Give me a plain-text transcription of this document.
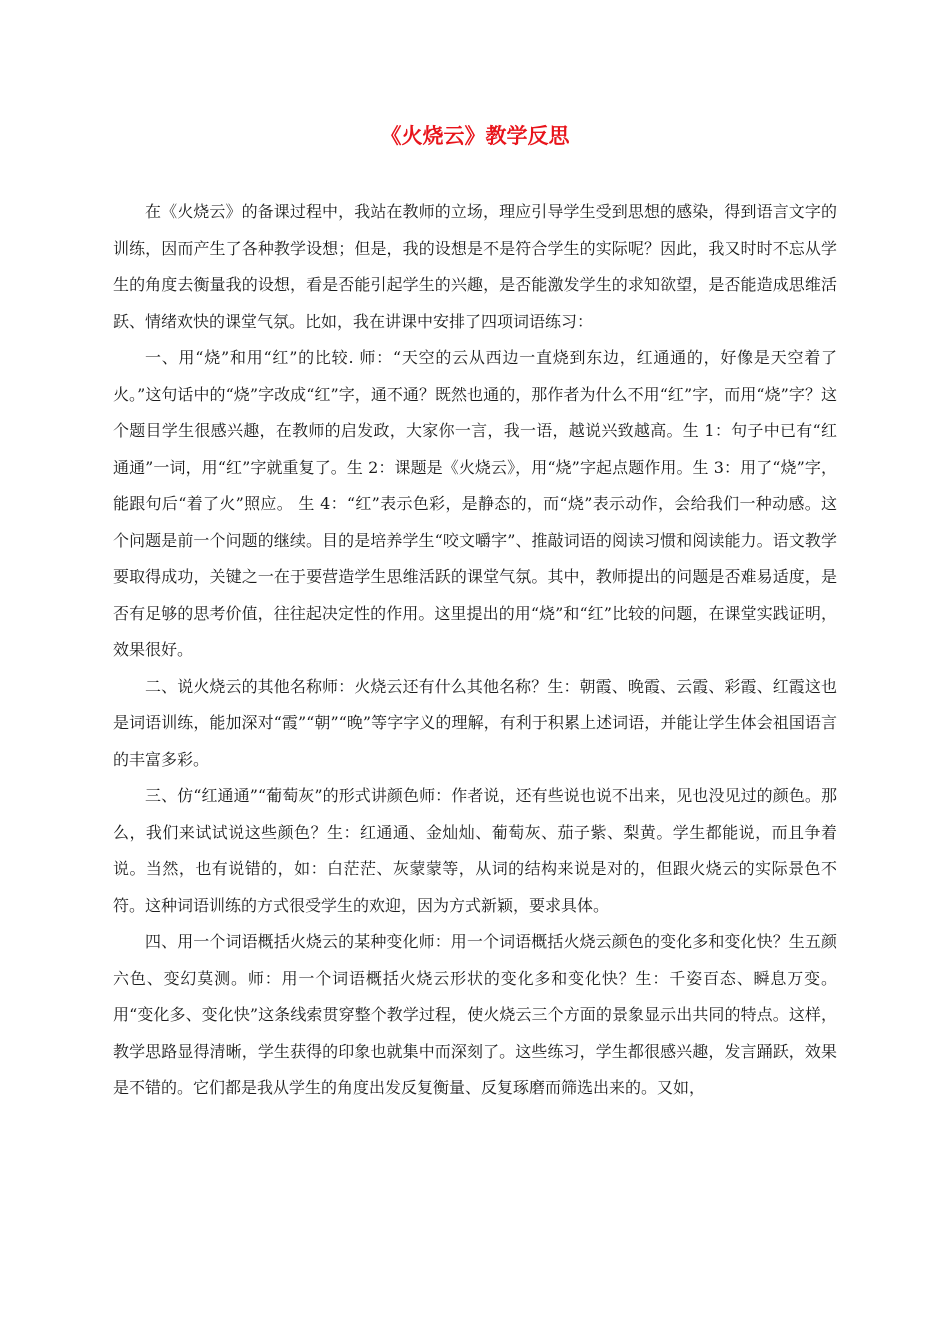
《火烧云》教学反思

在《火烧云》的备课过程中，我站在教师的立场，理应引导学生受到思想的感染，得到语言文字的训练，因而产生了各种教学设想；但是，我的设想是不是符合学生的实际呢？因此，我又时时不忘从学生的角度去衡量我的设想，看是否能引起学生的兴趣，是否能激发学生的求知欲望，是否能造成思维活跃、情绪欢快的课堂气氛。比如，我在讲课中安排了四项词语练习：

一、用“烧”和用“红”的比较. 师：“天空的云从西边一直烧到东边，红通通的，好像是天空着了火。”这句话中的“烧”字改成“红”字，通不通？既然也通的，那作者为什么不用“红”字，而用“烧”字？这个题目学生很感兴趣，在教师的启发政，大家你一言，我一语，越说兴致越高。生 1：句子中已有“红通通”一词，用“红”字就重复了。生 2：课题是《火烧云》，用“烧”字起点题作用。生 3：用了“烧”字，能跟句后“着了火”照应。 生 4：“红”表示色彩，是静态的，而“烧”表示动作，会给我们一种动感。这个问题是前一个问题的继续。目的是培养学生“咬文嚼字”、推敲词语的阅读习惯和阅读能力。语文教学要取得成功，关键之一在于要营造学生思维活跃的课堂气氛。其中，教师提出的问题是否难易适度，是否有足够的思考价值，往往起决定性的作用。这里提出的用“烧”和“红”比较的问题，在课堂实践证明，效果很好。

二、说火烧云的其他名称师：火烧云还有什么其他名称？生：朝霞、晚霞、云霞、彩霞、红霞这也是词语训练，能加深对“霞”“朝”“晚”等字字义的理解，有利于积累上述词语，并能让学生体会祖国语言的丰富多彩。

三、仿“红通通”“葡萄灰”的形式讲颜色师：作者说，还有些说也说不出来，见也没见过的颜色。那么，我们来试试说这些颜色？生：红通通、金灿灿、葡萄灰、茄子紫、梨黄。学生都能说，而且争着说。当然，也有说错的，如：白茫茫、灰蒙蒙等，从词的结构来说是对的，但跟火烧云的实际景色不符。这种词语训练的方式很受学生的欢迎，因为方式新颖，要求具体。

四、用一个词语概括火烧云的某种变化师：用一个词语概括火烧云颜色的变化多和变化快？生五颜六色、变幻莫测。师：用一个词语概括火烧云形状的变化多和变化快？生：千姿百态、瞬息万变。用“变化多、变化快”这条线索贯穿整个教学过程，使火烧云三个方面的景象显示出共同的特点。这样，教学思路显得清晰，学生获得的印象也就集中而深刻了。这些练习，学生都很感兴趣，发言踊跃，效果是不错的。它们都是我从学生的角度出发反复衡量、反复琢磨而筛选出来的。又如，
